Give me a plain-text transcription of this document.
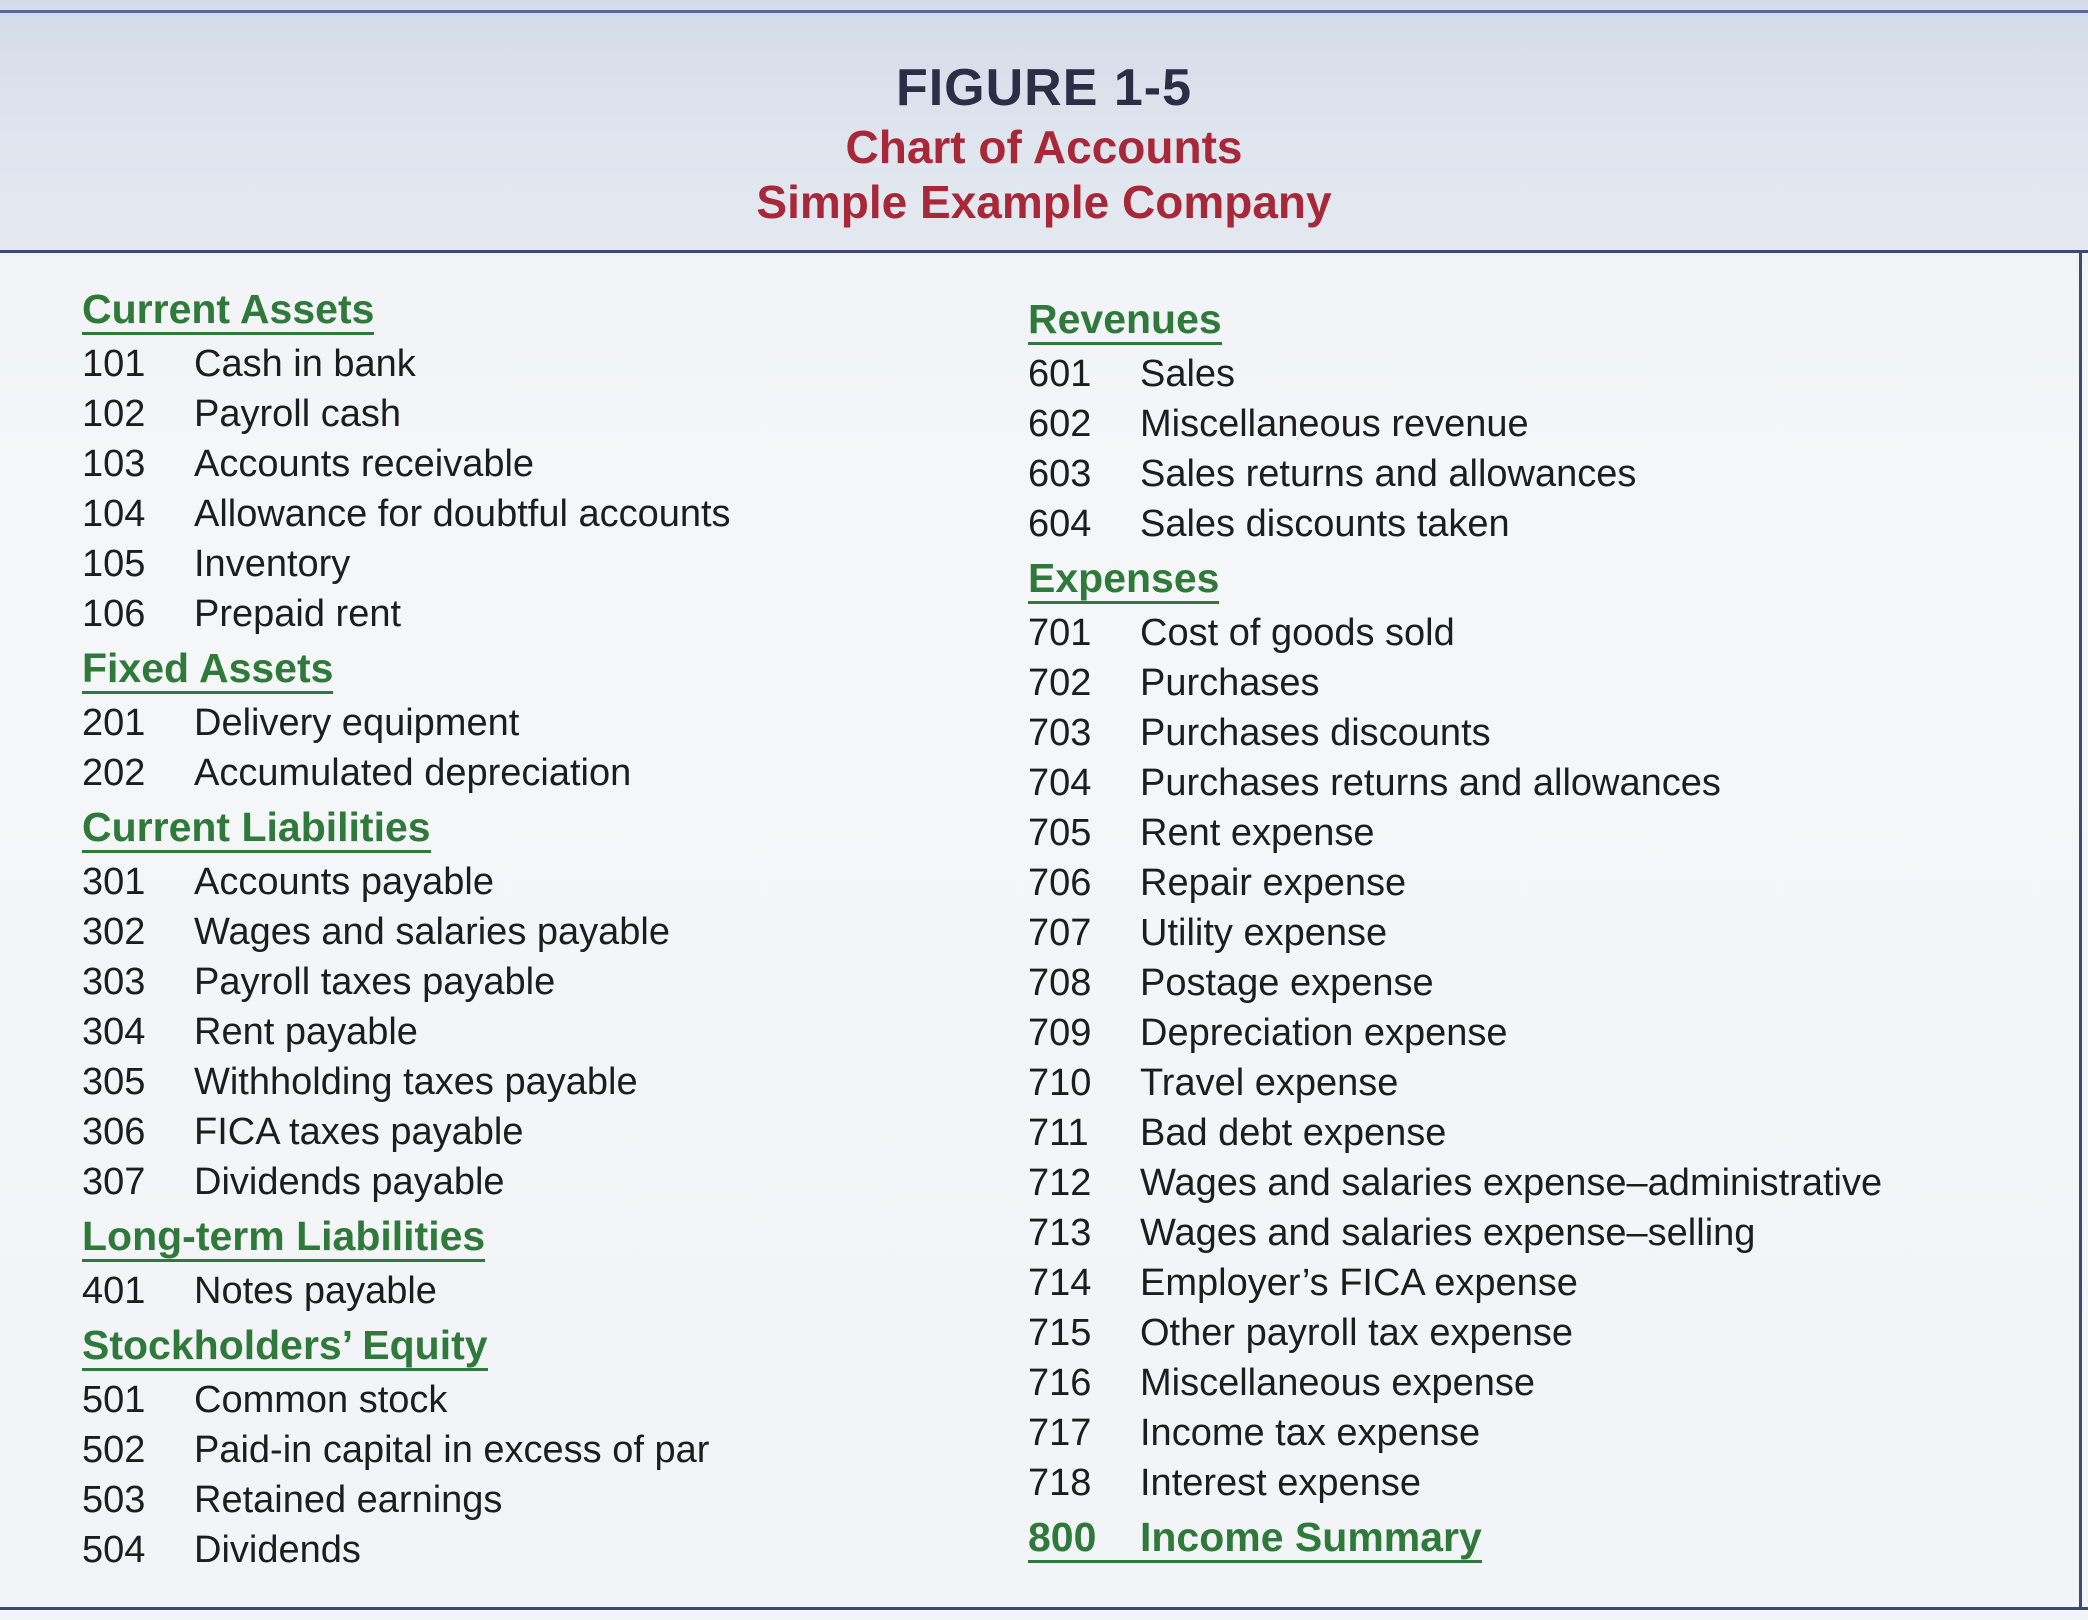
FIGURE 1-5
Chart of Accounts
Simple Example Company
Current Assets
101	Cash in bank
102	Payroll cash
103	Accounts receivable
104	Allowance for doubtful accounts
105	Inventory
106	Prepaid rent
Fixed Assets
201	Delivery equipment
202	Accumulated depreciation
Current Liabilities
301	Accounts payable
302	Wages and salaries payable
303	Payroll taxes payable
304	Rent payable
305	Withholding taxes payable
306	FICA taxes payable
307	Dividends payable
Long-term Liabilities
401	Notes payable
Stockholders’ Equity
501	Common stock
502	Paid-in capital in excess of par
503	Retained earnings
504	Dividends
Revenues
601	Sales
602	Miscellaneous revenue
603	Sales returns and allowances
604	Sales discounts taken
Expenses
701	Cost of goods sold
702	Purchases
703	Purchases discounts
704	Purchases returns and allowances
705	Rent expense
706	Repair expense
707	Utility expense
708	Postage expense
709	Depreciation expense
710	Travel expense
711	Bad debt expense
712	Wages and salaries expense–administrative
713	Wages and salaries expense–selling
714	Employer’s FICA expense
715	Other payroll tax expense
716	Miscellaneous expense
717	Income tax expense
718	Interest expense
800	Income Summary
